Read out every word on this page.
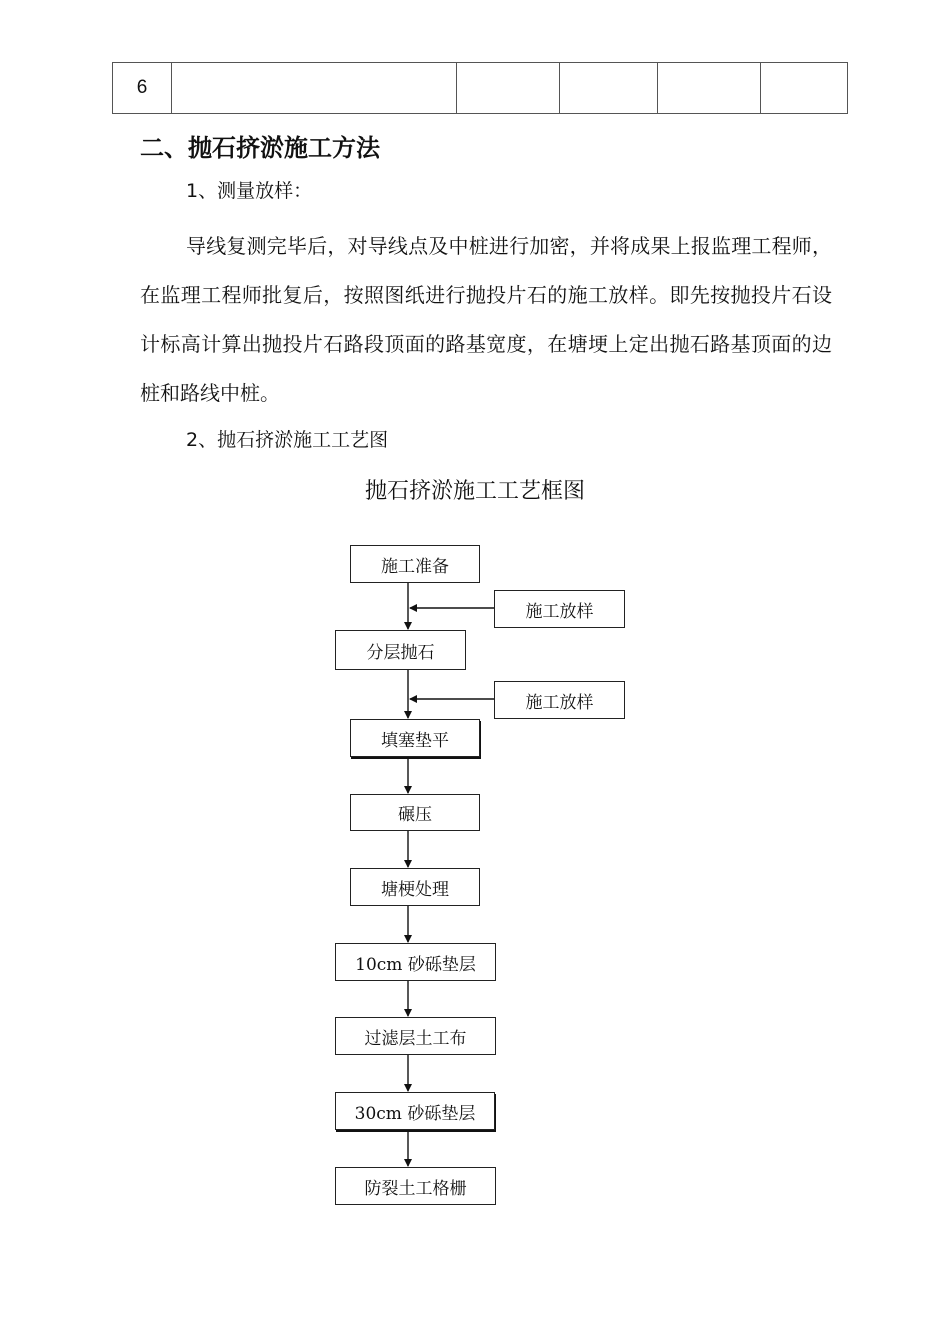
6					
二、抛石挤淤施工方法
1、测量放样：

导线复测完毕后，对导线点及中桩进行加密，并将成果上报监理工程师，在监理工程师批复后，按照图纸进行抛投片石的施工放样。即先按抛投片石设计标高计算出抛投片石路段顶面的路基宽度，在塘埂上定出抛石路基顶面的边桩和路线中桩。

2、抛石挤淤施工工艺图
抛石挤淤施工工艺框图
施工准备
分层抛石
填塞垫平
碾压
塘梗处理
10cm 砂砾垫层
过滤层土工布
30cm 砂砾垫层
防裂土工格栅
施工放样
施工放样
